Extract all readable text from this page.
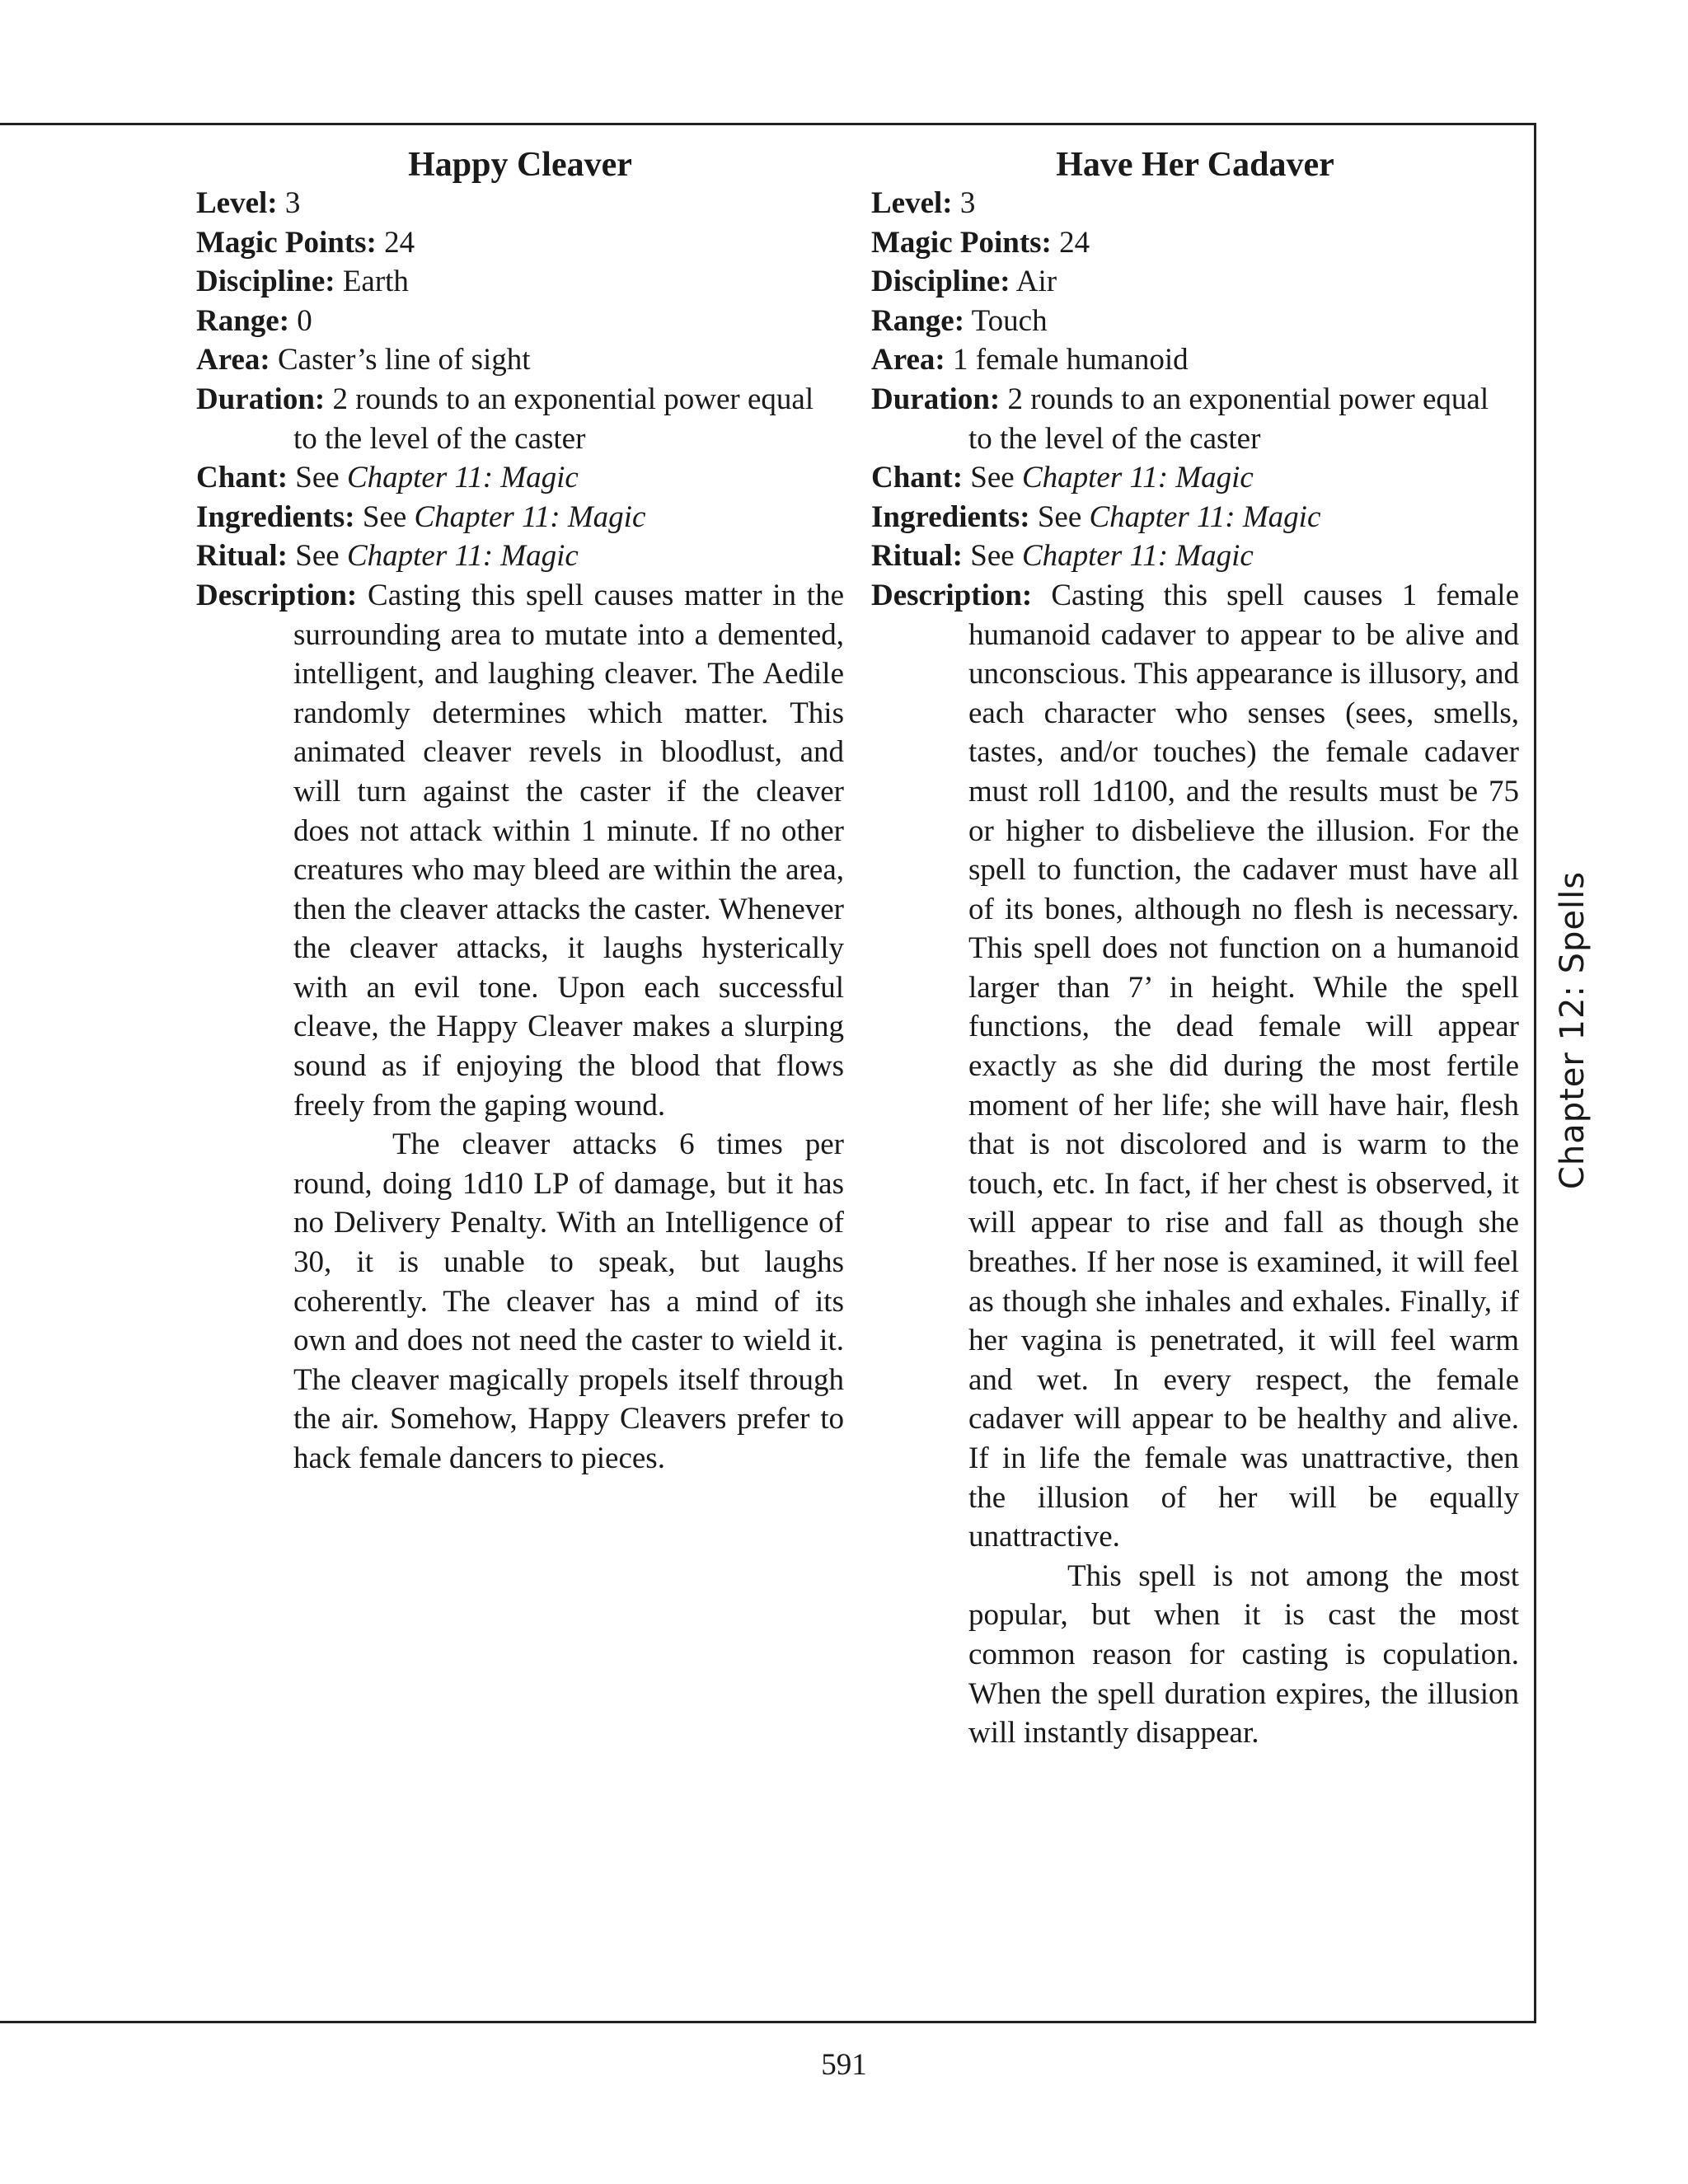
Happy Cleaver

Level: 3

Magic Points: 24

Discipline: Earth

Range: 0

Area: Caster’s line of sight

Duration: 2 rounds to an exponential power equal to the level of the caster

Chant: See Chapter 11: Magic

Ingredients: See Chapter 11: Magic

Ritual: See Chapter 11: Magic

Description: Casting this spell causes matter in the surrounding area to mutate into a demented, intelligent, and laughing cleaver. The Aedile randomly determines which matter. This animated cleaver revels in bloodlust, and will turn against the caster if the cleaver does not attack within 1 minute. If no other creatures who may bleed are within the area, then the cleaver attacks the caster. Whenever the cleaver attacks, it laughs hysterically with an evil tone. Upon each successful cleave, the Happy Cleaver makes a slurping sound as if enjoying the blood that flows freely from the gaping wound.

The cleaver attacks 6 times per round, doing 1d10 LP of damage, but it has no Delivery Penalty. With an Intelligence of 30, it is unable to speak, but laughs coherently. The cleaver has a mind of its own and does not need the caster to wield it. The cleaver magically propels itself through the air. Somehow, Happy Cleavers prefer to hack female dancers to pieces.

Have Her Cadaver

Level: 3

Magic Points: 24

Discipline: Air

Range: Touch

Area: 1 female humanoid

Duration: 2 rounds to an exponential power equal to the level of the caster

Chant: See Chapter 11: Magic

Ingredients: See Chapter 11: Magic

Ritual: See Chapter 11: Magic

Description: Casting this spell causes 1 female humanoid cadaver to appear to be alive and unconscious. This appearance is illusory, and each character who senses (sees, smells, tastes, and/or touches) the female cadaver must roll 1d100, and the results must be 75 or higher to disbelieve the illusion. For the spell to function, the cadaver must have all of its bones, although no flesh is necessary. This spell does not function on a humanoid larger than 7’ in height. While the spell functions, the dead female will appear exactly as she did during the most fertile moment of her life; she will have hair, flesh that is not discolored and is warm to the touch, etc. In fact, if her chest is observed, it will appear to rise and fall as though she breathes. If her nose is examined, it will feel as though she inhales and exhales. Finally, if her vagina is penetrated, it will feel warm and wet. In every respect, the female cadaver will appear to be healthy and alive. If in life the female was unattractive, then the illusion of her will be equally unattractive.

This spell is not among the most popular, but when it is cast the most common reason for casting is copulation. When the spell duration expires, the illusion will instantly disappear.

Chapter 12: Spells
591
